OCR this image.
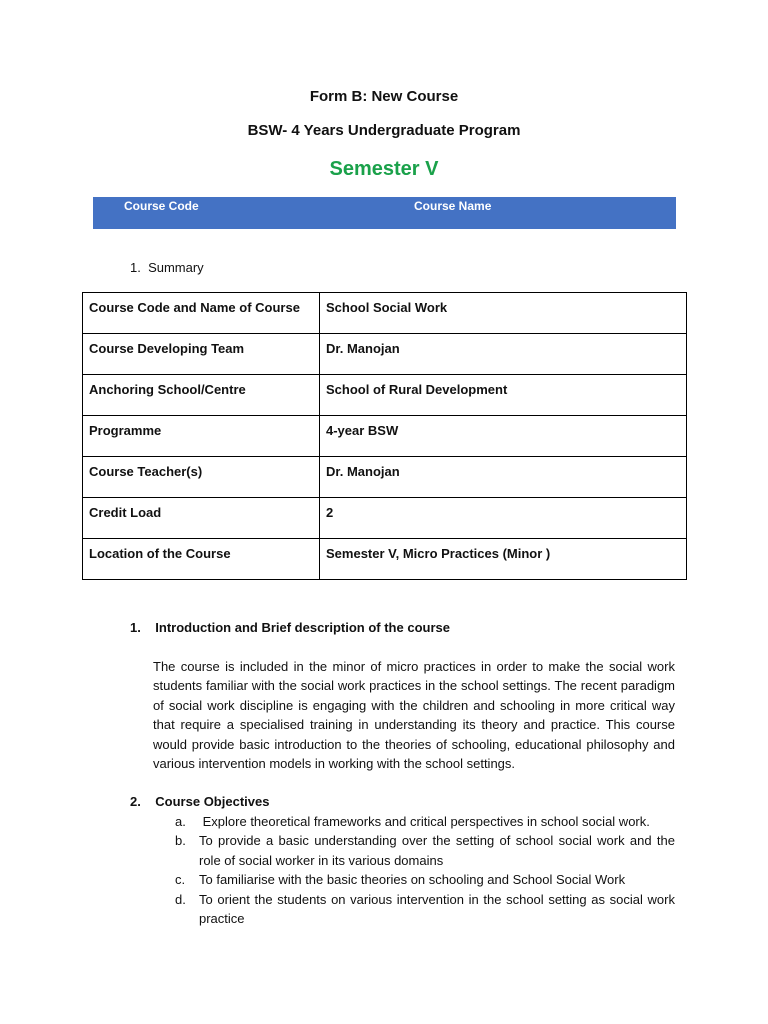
Form B: New Course
BSW- 4 Years Undergraduate Program
Semester V
Course Code	Course Name
1.  Summary
Course Code and Name of Course	School Social Work
Course Developing Team	Dr. Manojan
Anchoring School/Centre	School of Rural Development
Programme	4-year BSW
Course Teacher(s)	Dr. Manojan
Credit Load	2
Location of the Course	Semester V, Micro Practices (Minor )
1.    Introduction and Brief description of the course
The course is included in the minor of micro practices in order to make the social work students familiar with the social work practices in the school settings. The recent paradigm of social work discipline is engaging with the children and schooling in more critical way that require a specialised training in understanding its theory and practice. This course would provide basic introduction to the theories of schooling, educational philosophy and various intervention models in working with the school settings.
2.    Course Objectives
a. Explore theoretical frameworks and critical perspectives in school social work.
b. To provide a basic understanding over the setting of school social work and the role of social worker in its various domains
c. To familiarise with the basic theories on schooling and School Social Work
d. To orient the students on various intervention in the school setting as social work practice
